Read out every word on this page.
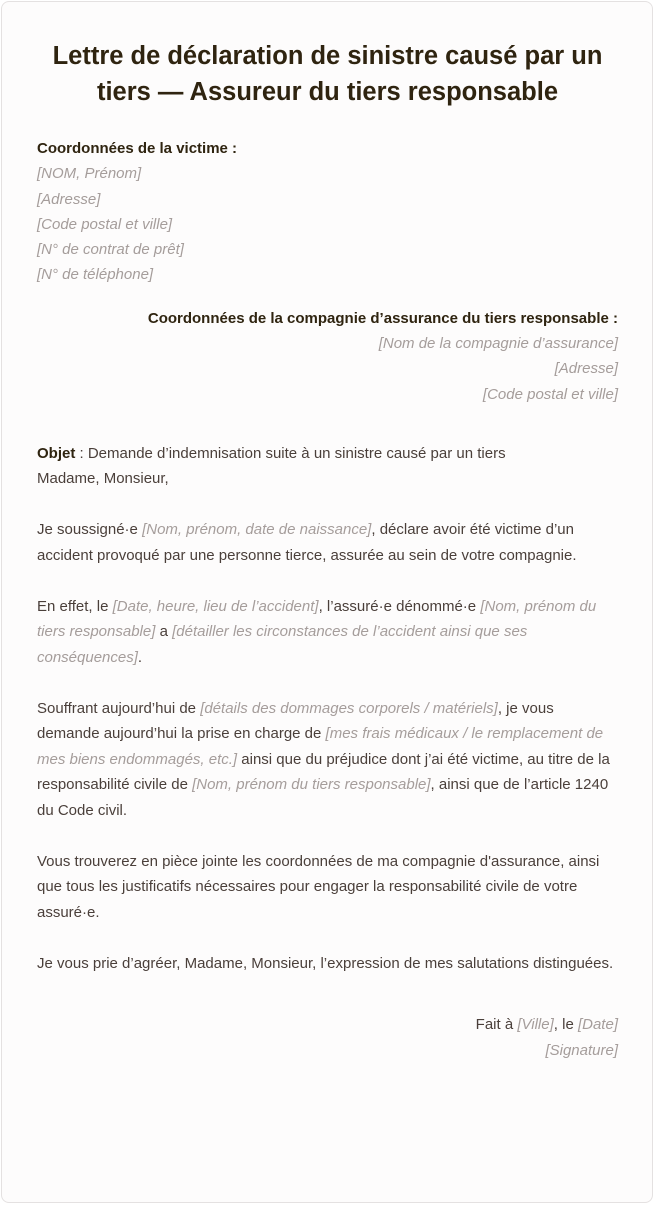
Lettre de déclaration de sinistre causé par un tiers — Assureur du tiers responsable
Coordonnées de la victime :
[NOM, Prénom]
[Adresse]
[Code postal et ville]
[N° de contrat de prêt]
[N° de téléphone]
Coordonnées de la compagnie d’assurance du tiers responsable :
[Nom de la compagnie d’assurance]
[Adresse]
[Code postal et ville]
Objet : Demande d’indemnisation suite à un sinistre causé par un tiers

Madame, Monsieur,

Je soussigné·e [Nom, prénom, date de naissance], déclare avoir été victime d’un accident provoqué par une personne tierce, assurée au sein de votre compagnie.

En effet, le [Date, heure, lieu de l’accident], l’assuré·e dénommé·e [Nom, prénom du tiers responsable] a [détailler les circonstances de l’accident ainsi que ses conséquences].

Souffrant aujourd’hui de [détails des dommages corporels / matériels], je vous demande aujourd’hui la prise en charge de [mes frais médicaux / le remplacement de mes biens endommagés, etc.] ainsi que du préjudice dont j’ai été victime, au titre de la responsabilité civile de [Nom, prénom du tiers responsable], ainsi que de l’article 1240 du Code civil.

Vous trouverez en pièce jointe les coordonnées de ma compagnie d'assurance, ainsi que tous les justificatifs nécessaires pour engager la responsabilité civile de votre assuré·e.

Je vous prie d’agréer, Madame, Monsieur, l’expression de mes salutations distinguées.

Fait à [Ville], le [Date]
[Signature]
